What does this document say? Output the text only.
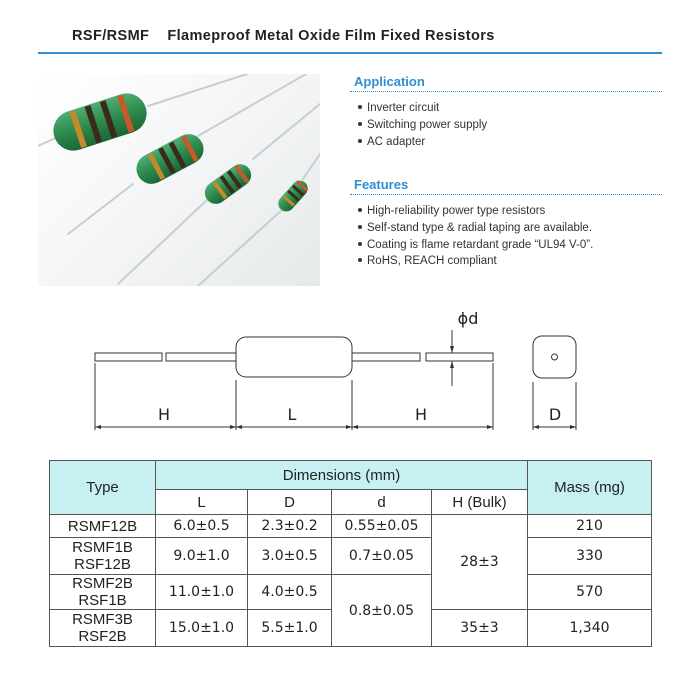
RSF/RSMF Flameproof Metal Oxide Film Fixed Resistors
Application
Inverter circuit
Switching power supply
AC adapter
Features
High-reliability power type resistors
Self-stand type & radial taping are available.
Coating is flame retardant grade “UL94 V-0”.
RoHS, REACH compliant
H	L	H	D
ϕd
Type	Dimensions (mm)				Mass (mg)
	L	D	d	H (Bulk)	
RSMF12B	6.0±0.5	2.3±0.2	0.55±0.05	28±3	210
RSMF1B
RSF12B	9.0±1.0	3.0±0.5	0.7±0.05		330
RSMF2B
RSF1B	11.0±1.0	4.0±0.5	0.8±0.05		570
RSMF3B
RSF2B	15.0±1.0	5.5±1.0		35±3	1,340
